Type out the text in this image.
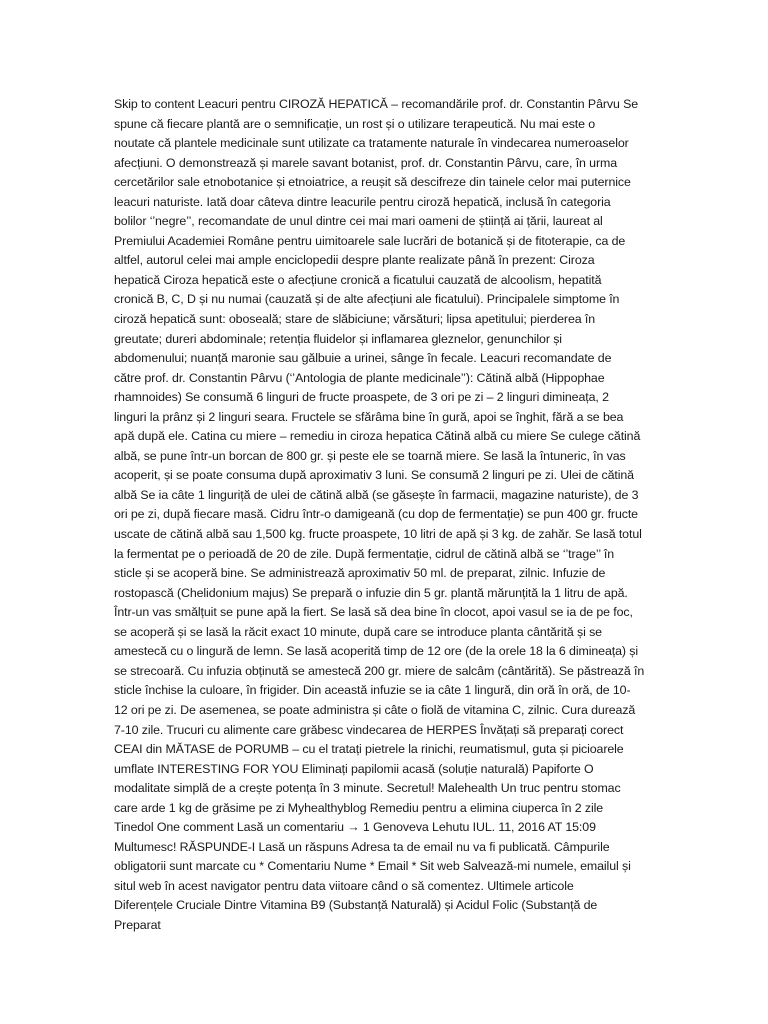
Skip to content Leacuri pentru CIROZĂ HEPATICĂ – recomandările prof. dr. Constantin Pârvu Se
spune că fiecare plantă are o semnificație, un rost și o utilizare terapeutică. Nu mai este o
noutate că plantele medicinale sunt utilizate ca tratamente naturale în vindecarea numeroaselor
afecțiuni. O demonstrează și marele savant botanist, prof. dr. Constantin Pârvu, care, în urma
cercetărilor sale etnobotanice și etnoiatrice, a reușit să descifreze din tainele celor mai puternice
leacuri naturiste. Iată doar câteva dintre leacurile pentru ciroză hepatică, inclusă în categoria
bolilor ‘’negre’’, recomandate de unul dintre cei mai mari oameni de știință ai țării, laureat al
Premiului Academiei Române pentru uimitoarele sale lucrări de botanică și de fitoterapie, ca de
altfel, autorul celei mai ample enciclopedii despre plante realizate până în prezent: Ciroza
hepatică Ciroza hepatică este o afecțiune cronică a ficatului cauzată de alcoolism, hepatită
cronică B, C, D și nu numai (cauzată și de alte afecțiuni ale ficatului). Principalele simptome în
ciroză hepatică sunt: oboseală; stare de slăbiciune; vărsături; lipsa apetitului; pierderea în
greutate; dureri abdominale; retenția fluidelor și inflamarea gleznelor, genunchilor și
abdomenului; nuanță maronie sau gălbuie a urinei, sânge în fecale. Leacuri recomandate de
către prof. dr. Constantin Pârvu (‘’Antologia de plante medicinale’’): Cătină albă (Hippophae
rhamnoides) Se consumă 6 linguri de fructe proaspete, de 3 ori pe zi – 2 linguri dimineața, 2
linguri la prânz și 2 linguri seara. Fructele se sfărâma bine în gură, apoi se înghit, fără a se bea
apă după ele. Catina cu miere – remediu in ciroza hepatica Cătină albă cu miere Se culege cătină
albă, se pune într-un borcan de 800 gr. și peste ele se toarnă miere. Se lasă la întuneric, în vas
acoperit, și se poate consuma după aproximativ 3 luni. Se consumă 2 linguri pe zi. Ulei de cătină
albă Se ia câte 1 linguriță de ulei de cătină albă (se găsește în farmacii, magazine naturiste), de 3
ori pe zi, după fiecare masă. Cidru într-o damigeană (cu dop de fermentație) se pun 400 gr. fructe
uscate de cătină albă sau 1,500 kg. fructe proaspete, 10 litri de apă și 3 kg. de zahăr. Se lasă totul
la fermentat pe o perioadă de 20 de zile. După fermentație, cidrul de cătină albă se ‘’trage’’ în
sticle și se acoperă bine. Se administrează aproximativ 50 ml. de preparat, zilnic. Infuzie de
rostopască (Chelidonium majus) Se prepară o infuzie din 5 gr. plantă mărunțită la 1 litru de apă.
Într-un vas smălțuit se pune apă la fiert. Se lasă să dea bine în clocot, apoi vasul se ia de pe foc,
se acoperă și se lasă la răcit exact 10 minute, după care se introduce planta cântărită și se
amestecă cu o lingură de lemn. Se lasă acoperită timp de 12 ore (de la orele 18 la 6 dimineața) și
se strecoară. Cu infuzia obținută se amestecă 200 gr. miere de salcâm (cântărită). Se păstrează în
sticle închise la culoare, în frigider. Din această infuzie se ia câte 1 lingură, din oră în oră, de 10-
12 ori pe zi. De asemenea, se poate administra și câte o fiolă de vitamina C, zilnic. Cura durează
7-10 zile. Trucuri cu alimente care grăbesc vindecarea de HERPES Învățați să preparați corect
CEAI din MĂTASE de PORUMB – cu el tratați pietrele la rinichi, reumatismul, guta și picioarele
umflate INTERESTING FOR YOU Eliminați papilomii acasă (soluție naturală) Papiforte O
modalitate simplă de a crește potența în 3 minute. Secretul! Malehealth Un truc pentru stomac
care arde 1 kg de grăsime pe zi Myhealthyblog Remediu pentru a elimina ciuperca în 2 zile
Tinedol One comment Lasă un comentariu → 1 Genoveva Lehutu IUL. 11, 2016 AT 15:09
Multumesc! RĂSPUNDE-I Lasă un răspuns Adresa ta de email nu va fi publicată. Câmpurile
obligatorii sunt marcate cu * Comentariu Nume * Email * Sit web Salvează-mi numele, emailul și
situl web în acest navigator pentru data viitoare când o să comentez. Ultimele articole
Diferențele Cruciale Dintre Vitamina B9 (Substanță Naturală) și Acidul Folic (Substanță de
Preparat
